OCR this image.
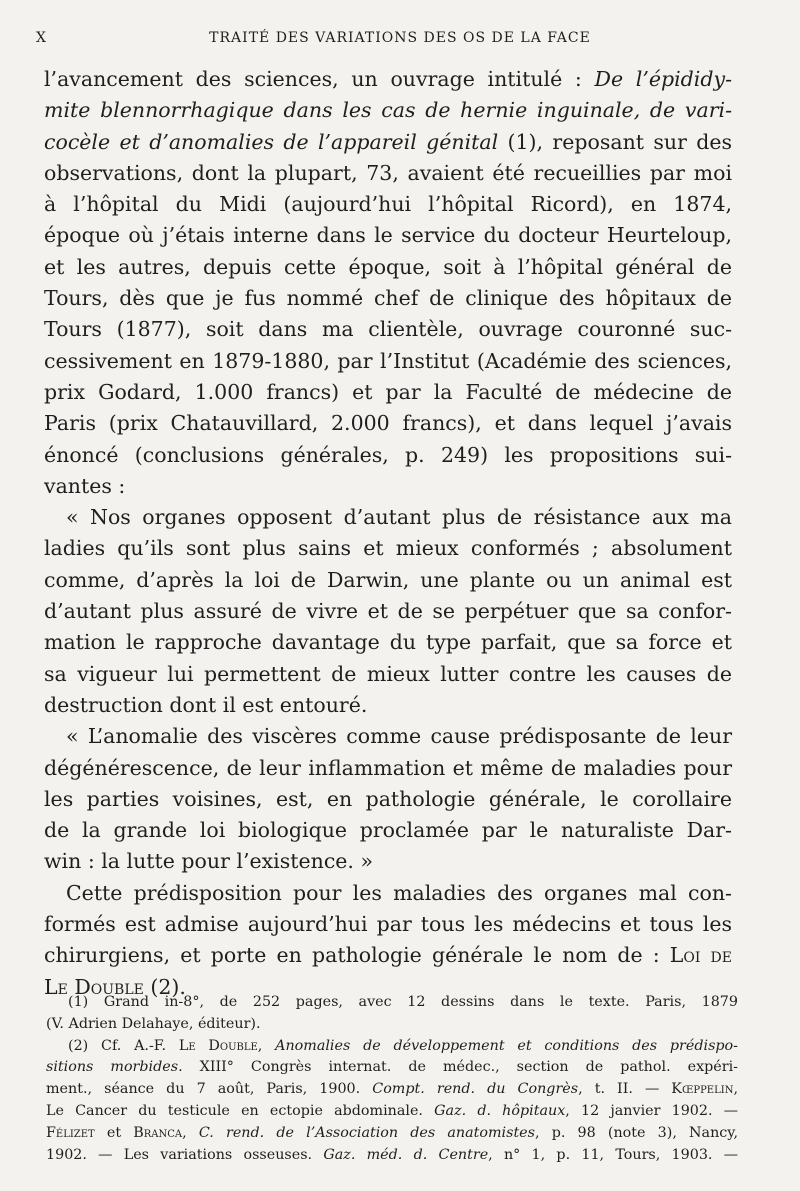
X	TRAITÉ DES VARIATIONS DES OS DE LA FACE
l’avancement des sciences, un ouvrage intitulé : De l’épididy-
mite blennorrhagique dans les cas de hernie inguinale, de vari-
cocèle et d’anomalies de l’appareil génital (1), reposant sur des
observations, dont la plupart, 73, avaient été recueillies par moi
à l’hôpital du Midi (aujourd’hui l’hôpital Ricord), en 1874,
époque où j’étais interne dans le service du docteur Heurteloup,
et les autres, depuis cette époque, soit à l’hôpital général de
Tours, dès que je fus nommé chef de clinique des hôpitaux de
Tours (1877), soit dans ma clientèle, ouvrage couronné suc-
cessivement en 1879-1880, par l’Institut (Académie des sciences,
prix Godard, 1.000 francs) et par la Faculté de médecine de
Paris (prix Chatauvillard, 2.000 francs), et dans lequel j’avais
énoncé (conclusions générales, p. 249) les propositions sui-
vantes :
« Nos organes opposent d’autant plus de résistance aux ma
ladies qu’ils sont plus sains et mieux conformés ; absolument
comme, d’après la loi de Darwin, une plante ou un animal est
d’autant plus assuré de vivre et de se perpétuer que sa confor-
mation le rapproche davantage du type parfait, que sa force et
sa vigueur lui permettent de mieux lutter contre les causes de
destruction dont il est entouré.
« L’anomalie des viscères comme cause prédisposante de leur
dégénérescence, de leur inflammation et même de maladies pour
les parties voisines, est, en pathologie générale, le corollaire
de la grande loi biologique proclamée par le naturaliste Dar-
win : la lutte pour l’existence. »
Cette prédisposition pour les maladies des organes mal con-
formés est admise aujourd’hui par tous les médecins et tous les
chirurgiens, et porte en pathologie générale le nom de : Loi de
Le Double (2).
(1) Grand in-8°, de 252 pages, avec 12 dessins dans le texte. Paris, 1879
(V. Adrien Delahaye, éditeur).
(2) Cf. A.-F. Le Double, Anomalies de développement et conditions des prédispo-
sitions morbides. XIII° Congrès internat. de médec., section de pathol. expéri-
ment., séance du 7 août, Paris, 1900. Compt. rend. du Congrès, t. II. — Kœppelin,
Le Cancer du testicule en ectopie abdominale. Gaz. d. hôpitaux, 12 janvier 1902. —
Félizet et Branca, C. rend. de l’Association des anatomistes, p. 98 (note 3), Nancy,
1902. — Les variations osseuses. Gaz. méd. d. Centre, n° 1, p. 11, Tours, 1903. —
